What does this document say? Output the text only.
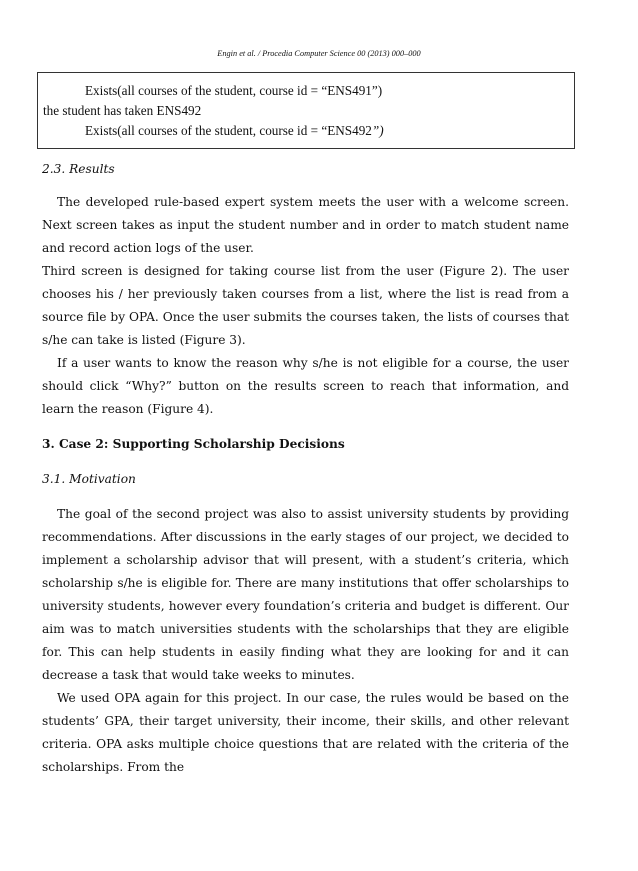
Engin et al. / Procedia Computer Science 00 (2013) 000–000
Exists(all courses of the student, course id = “ENS491”)
the student has taken ENS492
Exists(all courses of the student, course id = “ENS492”)

2.3. Results

The developed rule-based expert system meets the user with a welcome screen. Next screen takes as input the student number and in order to match student name and record action logs of the user.

Third screen is designed for taking course list from the user (Figure 2). The user chooses his / her previously taken courses from a list, where the list is read from a source file by OPA. Once the user submits the courses taken, the lists of courses that s/he can take is listed (Figure 3).

If a user wants to know the reason why s/he is not eligible for a course, the user should click “Why?” button on the results screen to reach that information, and learn the reason (Figure 4).

3. Case 2: Supporting Scholarship Decisions

3.1. Motivation

The goal of the second project was also to assist university students by providing recommendations. After discussions in the early stages of our project, we decided to implement a scholarship advisor that will present, with a student’s criteria, which scholarship s/he is eligible for. There are many institutions that offer scholarships to university students, however every foundation’s criteria and budget is different. Our aim was to match universities students with the scholarships that they are eligible for. This can help students in easily finding what they are looking for and it can decrease a task that would take weeks to minutes.

We used OPA again for this project. In our case, the rules would be based on the students’ GPA, their target university, their income, their skills, and other relevant criteria. OPA asks multiple choice questions that are related with the criteria of the scholarships. From the
